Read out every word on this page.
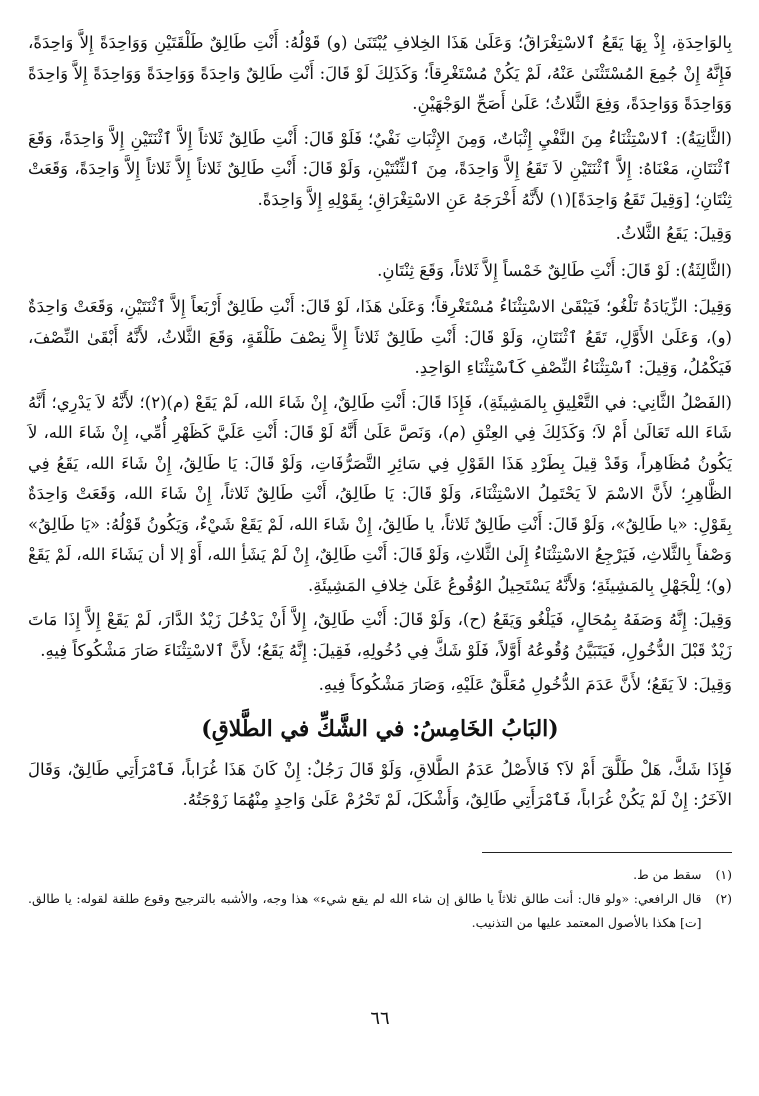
بِالوَاحِدَةِ، إِذْ بِهَا يَقَعُ ٱلاسْتِغْرَاقُ؛ وَعَلَىٰ هَذَا الخِلافِ يُبْتَنَىٰ (و) قَوْلُهُ: أَنْتِ طَالِقٌ طَلْقَتَيْنِ وَوَاحِدَةً إِلاَّ وَاحِدَةً، فَإِنَّهُ إِنْ جُمِعَ المُسْتَثْنَىٰ عَنْهُ، لَمْ يَكُنْ مُسْتَغْرِقاً؛ وَكَذَلِكَ لَوْ قَالَ: أَنْتِ طَالِقٌ وَاحِدَةً وَوَاحِدَةً وَوَاحِدَةً إِلاَّ وَاحِدَةً وَوَاحِدَةً وَوَاحِدَةً، وَفِعَ الثَّلاثُ؛ عَلَىٰ أَصَحِّ الوَجْهَيْنِ.

(الثَّانِيَةُ): ٱلاسْتِثْنَاءُ مِنَ النَّفْيِ إِثْبَاتٌ، وَمِنَ الإِثْبَاتِ نَفْيٌ؛ فَلَوْ قَالَ: أَنْتِ طَالِقٌ ثَلاثاً إِلاَّ ٱثْنَتَيْنِ إِلاَّ وَاحِدَةً، وَقَعَ ٱثْنَتَانِ، مَعْنَاهُ: إِلاَّ ٱثْنَتَيْنِ لاَ تَقَعُ إِلاَّ وَاحِدَةً، مِنَ ٱلثِّنْتَيْنِ، وَلَوْ قَالَ: أَنْتِ طَالِقٌ ثَلاثاً إِلاَّ ثَلاثاً إِلاَّ وَاحِدَةً، وَقَعَتْ ثِنْتَانِ؛ [وَقِيلَ تَقَعُ وَاحِدَةً](١) لأَنَّهُ أَخْرَجَهُ عَنِ الاسْتِغْرَاقِ؛ بِقَوْلِهِ إِلاَّ وَاحِدَةً.

وَقِيلَ: يَقَعُ الثَّلاثُ.

(الثَّالِثَةُ): لَوْ قَالَ: أَنْتِ طَالِقٌ خَمْساً إِلاَّ ثَلاثاً، وَقَعَ ثِنْتَانِ.

وَقِيلَ: الزِّيَادَةُ تَلْغُو؛ فَيَبْقَىٰ الاسْتِثْنَاءُ مُسْتَغْرِقاً؛ وَعَلَىٰ هَذَا، لَوْ قَالَ: أَنْتِ طَالِقٌ أَرْبَعاً إِلاَّ ٱثْنَتَيْنِ، وَقَعَتْ وَاحِدَةٌ (و)، وَعَلَىٰ الأَوَّلِ، تَقَعُ ٱثْنَتَانِ، وَلَوْ قَالَ: أَنْتِ طَالِقٌ ثَلاثاً إِلاَّ نِصْفَ طَلْقَةٍ، وَقَعَ الثَّلاثُ، لأَنَّهُ أَبْقَىٰ النِّصْفَ، فَيَكْمُلُ، وَقِيلَ: ٱسْتِثْنَاءُ النِّصْفِ كَٱسْتِثْنَاءِ الوَاحِدِ.

(الفَصْلُ الثَّانِي: في التَّعْلِيقِ بِالمَشِيئَةِ)، فَإِذَا قَالَ: أَنْتِ طَالِقٌ، إِنْ شَاءَ الله، لَمْ يَقَعْ (م)(٢)؛ لأَنَّهُ لاَ يَدْرِي؛ أَنَّهُ شَاءَ الله تَعَالَىٰ أَمْ لاَ؛ وَكَذَلِكَ فِي العِتْقِ (م)، وَنَصَّ عَلَىٰ أَنَّهُ لَوْ قَالَ: أَنْتِ عَلَيَّ كَظَهْرِ أُمِّي، إِنْ شَاءَ الله، لاَ يَكُونُ مُظَاهِراً، وَقَدْ قِيلَ بِطَرْدِ هَذَا القَوْلِ فِي سَائِرِ التَّصَرُّفَاتِ، وَلَوْ قَالَ: يَا طَالِقُ، إِنْ شَاءَ الله، يَقَعُ فِي الظَّاهِرِ؛ لأَنَّ الاسْمَ لاَ يَحْتَمِلُ الاسْتِثْنَاءَ، وَلَوْ قَالَ: يَا طَالِقُ، أَنْتِ طَالِقٌ ثَلاثاً، إِنْ شَاءَ الله، وَقَعَتْ وَاحِدَةٌ بِقَوْلِ: «يا طَالِقُ»، وَلَوْ قَالَ: أَنْتِ طَالِقٌ ثَلاثاً، يا طَالِقُ، إِنْ شَاءَ الله، لَمْ يَقَعْ شَيْءٌ، وَيَكُونُ قَوْلُهُ: «يَا طَالِقُ» وَصْفاً بِالثَّلاثِ، فَيَرْجِعُ الاسْتِثْنَاءُ إِلَىٰ الثَّلاثِ، وَلَوْ قَالَ: أَنْتِ طَالِقٌ، إِنْ لَمْ يَشَأِ الله، أَوْ إلا أن يَشَاءَ الله، لَمْ يَقَعْ (و)؛ لِلْجَهْلِ بِالمَشِيئَةِ؛ وَلأَنَّهُ يَسْتَحِيلُ الوُقُوعُ عَلَىٰ خِلافِ المَشِيئَةِ.

وَقِيلَ: إِنَّهُ وَصَفَهُ بِمُحَالٍ، فَيَلْغُو وَيَقَعُ (ح)، وَلَوْ قَالَ: أَنْتِ طَالِقٌ، إِلاَّ أَنْ يَدْخُلَ زَيْدٌ الدَّارَ، لَمْ يَقَعْ إِلاَّ إِذَا مَاتَ زَيْدٌ قَبْلَ الدُّخُولِ، فَيَتَبَيَّنُ وُقُوعُهُ أَوَّلاً، فَلَوْ شَكَّ فِي دُخُولِهِ، فَقِيلَ: إِنَّهُ يَقَعُ؛ لأَنَّ ٱلاسْتِثْنَاءَ صَارَ مَشْكُوكاً فِيهِ.

وَقِيلَ: لاَ يَقَعُ؛ لأَنَّ عَدَمَ الدُّخُولِ مُعَلَّقٌ عَلَيْهِ، وَصَارَ مَشْكُوكاً فِيهِ.

(البَابُ الخَامِسُ: في الشَّكِّ في الطَّلاقِ)

فَإِذَا شَكَّ، هَلْ طَلَّقَ أَمْ لاَ؟ فَالأَصْلُ عَدَمُ الطَّلاقِ، وَلَوْ قَالَ رَجُلٌ: إِنْ كَانَ هَذَا غُرَاباً، فَٱمْرَأَتِي طَالِقٌ، وَقَالَ الآخَرُ: إِنْ لَمْ يَكُنْ غُرَاباً، فَٱمْرَأَتِي طَالِقٌ، وَأَشْكَلَ، لَمْ تَحْرُمْ عَلَىٰ وَاحِدٍ مِنْهُمَا زَوْجَتُهُ.

(١)
سقط من ط.
(٢)
قال الرافعي: «ولو قال: أنت طالق ثلاثاً يا طالق إن شاء الله لم يقع شيء» هذا وجه، والأشبه بالترجيح وقوع طلقة لقوله: يا طالق. [ت] هكذا بالأصول المعتمد عليها من التذنيب.
٦٦
